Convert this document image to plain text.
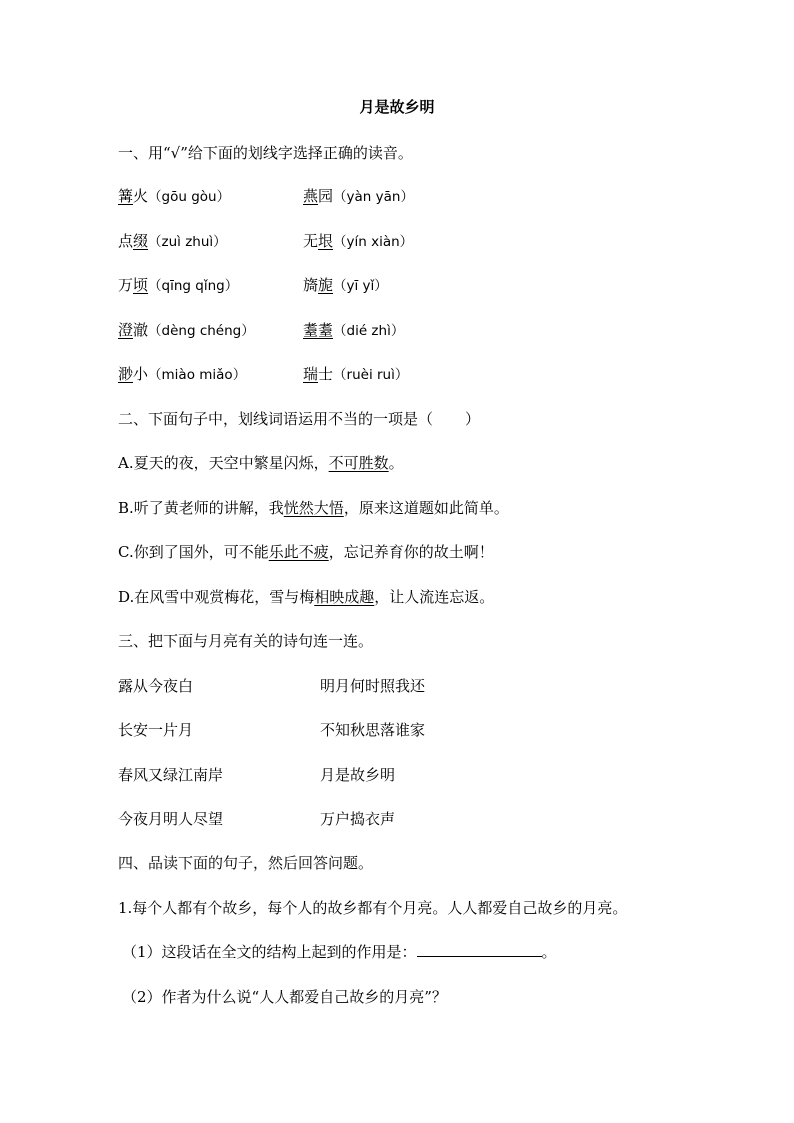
月是故乡明
一、用“√”给下面的划线字选择正确的读音。
篝火（gōu gòu）	燕园（yàn yān）
点缀（zuì zhuì）	无垠（yín xiàn）
万顷（qīng qǐng）	旖旎（yī yǐ）
澄澈（dèng chéng）	耋耋（dié zhì）
渺小（miào miǎo）	瑞士（ruèi ruì）
二、下面句子中，划线词语运用不当的一项是（ ）
A.夏天的夜，天空中繁星闪烁，不可胜数。
B.听了黄老师的讲解，我恍然大悟，原来这道题如此简单。
C.你到了国外，可不能乐此不疲，忘记养育你的故土啊！
D.在风雪中观赏梅花，雪与梅相映成趣，让人流连忘返。
三、把下面与月亮有关的诗句连一连。
露从今夜白	明月何时照我还
长安一片月	不知秋思落谁家
春风又绿江南岸	月是故乡明
今夜月明人尽望	万户捣衣声
四、品读下面的句子，然后回答问题。
1.每个人都有个故乡，每个人的故乡都有个月亮。人人都爱自己故乡的月亮。
（1）这段话在全文的结构上起到的作用是：	。
（2）作者为什么说“人人都爱自己故乡的月亮”？
